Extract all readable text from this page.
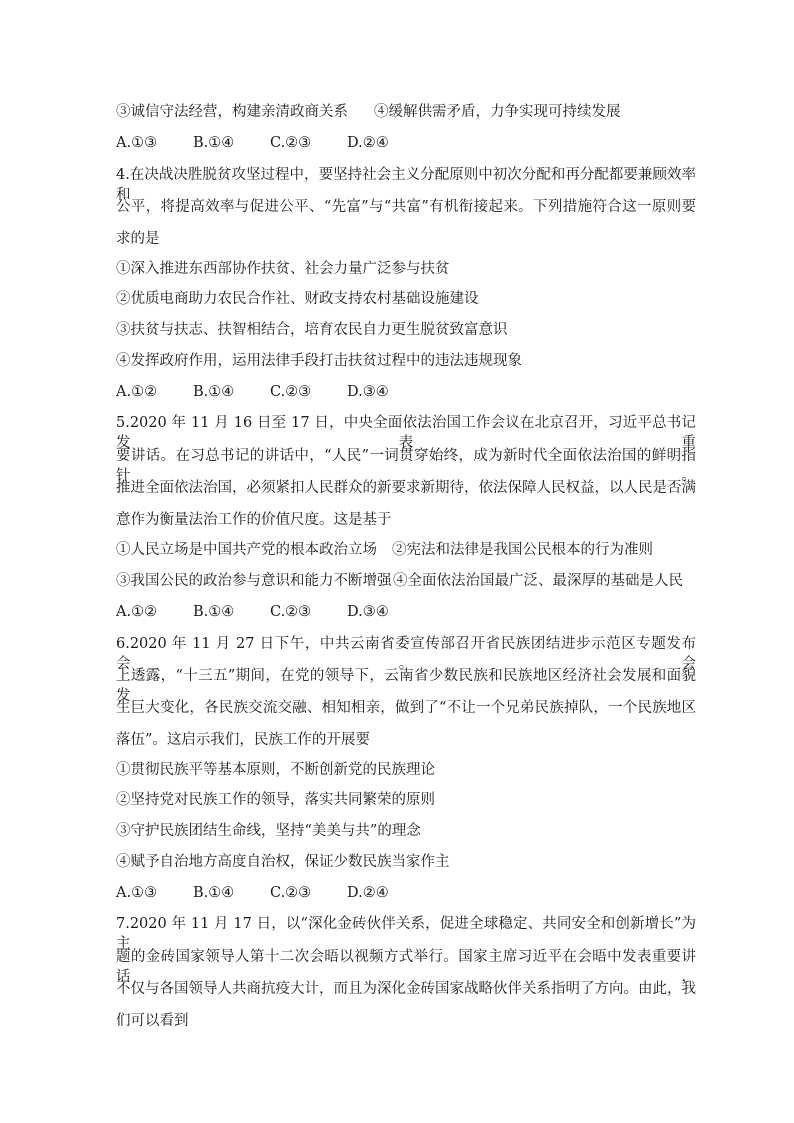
③诚信守法经营，构建亲清政商关系 ④缓解供需矛盾，力争实现可持续发展
A.①③ B.①④ C.②③ D.②④
4.在决战决胜脱贫攻坚过程中，要坚持社会主义分配原则中初次分配和再分配都要兼顾效率和
公平，将提高效率与促进公平、“先富”与“共富”有机衔接起来。下列措施符合这一原则要
求的是
①深入推进东西部协作扶贫、社会力量广泛参与扶贫
②优质电商助力农民合作社、财政支持农村基础设施建设
③扶贫与扶志、扶智相结合，培育农民自力更生脱贫致富意识
④发挥政府作用，运用法律手段打击扶贫过程中的违法违规现象
A.①② B.①④ C.②③ D.③④
5.2020 年 11 月 16 日至 17 日，中央全面依法治国工作会议在北京召开，习近平总书记发表重
要讲话。在习总书记的讲话中，“人民”一词贯穿始终，成为新时代全面依法治国的鲜明指针。
推进全面依法治国，必须紧扣人民群众的新要求新期待，依法保障人民权益，以人民是否满
意作为衡量法治工作的价值尺度。这是基于
①人民立场是中国共产党的根本政治立场 ②宪法和法律是我国公民根本的行为准则
③我国公民的政治参与意识和能力不断增强 ④全面依法治国最广泛、最深厚的基础是人民
A.①② B.①④ C.②③ D.③④
6.2020 年 11 月 27 日下午，中共云南省委宣传部召开省民族团结进步示范区专题发布会。会
上透露，“十三五”期间，在党的领导下，云南省少数民族和民族地区经济社会发展和面貌发
生巨大变化，各民族交流交融、相知相亲，做到了“不让一个兄弟民族掉队，一个民族地区
落伍”。这启示我们，民族工作的开展要
①贯彻民族平等基本原则，不断创新党的民族理论
②坚持党对民族工作的领导，落实共同繁荣的原则
③守护民族团结生命线，坚持“美美与共”的理念
④赋予自治地方高度自治权，保证少数民族当家作主
A.①③ B.①④ C.②③ D.②④
7.2020 年 11 月 17 日，以“深化金砖伙伴关系，促进全球稳定、共同安全和创新增长”为主
题的金砖国家领导人第十二次会晤以视频方式举行。国家主席习近平在会晤中发表重要讲话，
不仅与各国领导人共商抗疫大计，而且为深化金砖国家战略伙伴关系指明了方向。由此，我
们可以看到
